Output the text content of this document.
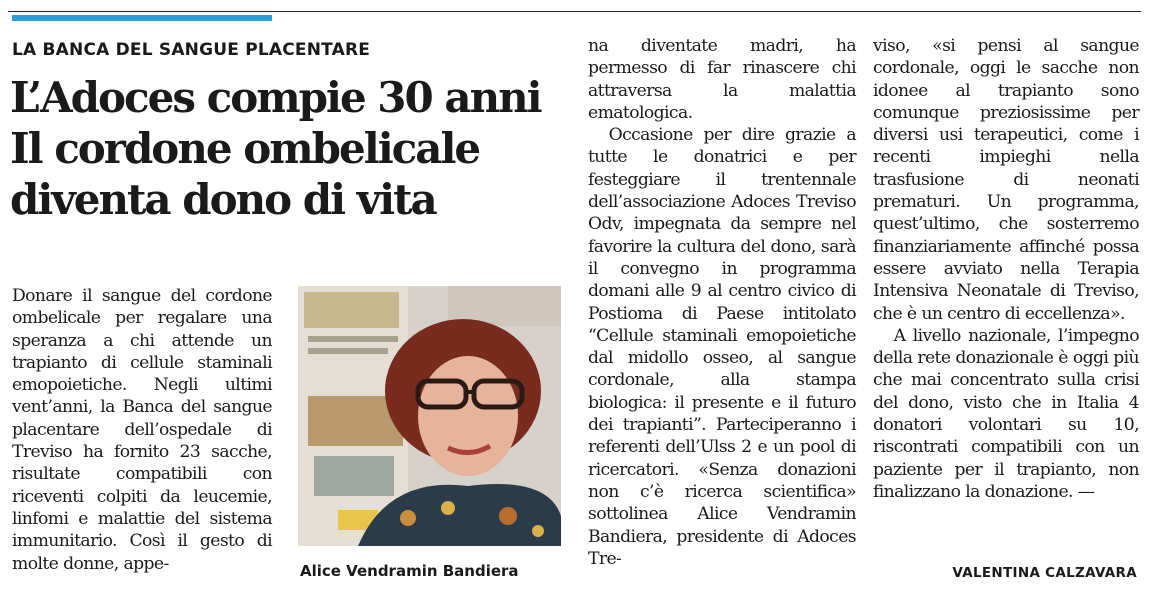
LA BANCA DEL SANGUE PLACENTARE
L’Adoces compie 30 anni
Il cordone ombelicale
diventa dono di vita

Donare il sangue del cordone ombelicale per regalare una speranza a chi attende un trapianto di cellule staminali emopoietiche. Negli ultimi vent’anni, la Banca del sangue placentare dell’ospedale di Treviso ha fornito 23 sacche, risultate compatibili con riceventi colpiti da leucemie, linfomi e malattie del sistema immunitario. Così il gesto di molte donne, appe-	Alice Vendramin Bandiera

na diventate madri, ha permesso di far rinascere chi attraversa la malattia ematologica.

Occasione per dire grazie a tutte le donatrici e per festeggiare il trentennale dell’associazione Adoces Treviso Odv, impegnata da sempre nel favorire la cultura del dono, sarà il convegno in programma domani alle 9 al centro civico di Postioma di Paese intitolato “Cellule staminali emopoietiche dal midollo osseo, al sangue cordonale, alla stampa biologica: il presente e il futuro dei trapianti”. Parteciperanno i referenti dell’Ulss 2 e un pool di ricercatori. «Senza donazioni non c’è ricerca scientifica» sottolinea Alice Vendramin Bandiera, presidente di Adoces Tre-

viso, «si pensi al sangue cordonale, oggi le sacche non idonee al trapianto sono comunque preziosissime per diversi usi terapeutici, come i recenti impieghi nella trasfusione di neonati prematuri. Un programma, quest’ultimo, che sosterremo finanziariamente affinché possa essere avviato nella Terapia Intensiva Neonatale di Treviso, che è un centro di eccellenza».

A livello nazionale, l’impegno della rete donazionale è oggi più che mai concentrato sulla crisi del dono, visto che in Italia 4 donatori volontari su 10, riscontrati compatibili con un paziente per il trapianto, non finalizzano la donazione. —

VALENTINA CALZAVARA
